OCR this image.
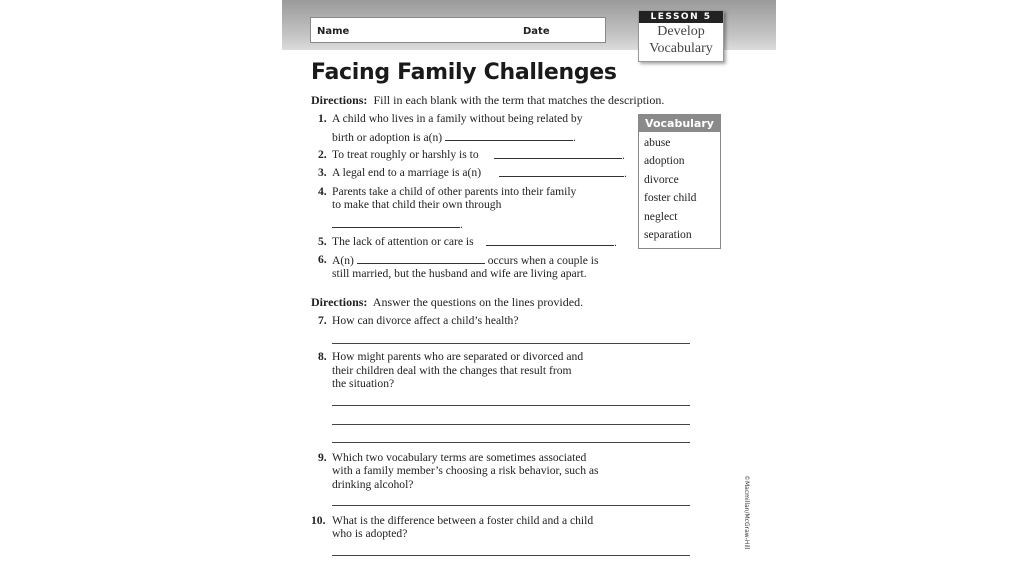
Name	Date
LESSON 5
Develop
Vocabulary
Facing Family Challenges
Directions: Fill in each blank with the term that matches the description.
1. A child who lives in a family without being related by
birth or adoption is a(n)	.
2. To treat roughly or harshly is to	.
3. A legal end to a marriage is a(n)	.
4. Parents take a child of other parents into their family
to make that child their own through
.
5. The lack of attention or care is	.
6. A(n)	occurs when a couple is
still married, but the husband and wife are living apart.
Vocabulary
abuse
adoption
divorce
foster child
neglect
separation
Directions: Answer the questions on the lines provided.
7. How can divorce affect a child’s health?
8. How might parents who are separated or divorced and
their children deal with the changes that result from
the situation?
9. Which two vocabulary terms are sometimes associated
with a family member’s choosing a risk behavior, such as
drinking alcohol?
10. What is the difference between a foster child and a child
who is adopted?	©Macmillan/McGraw-Hill
